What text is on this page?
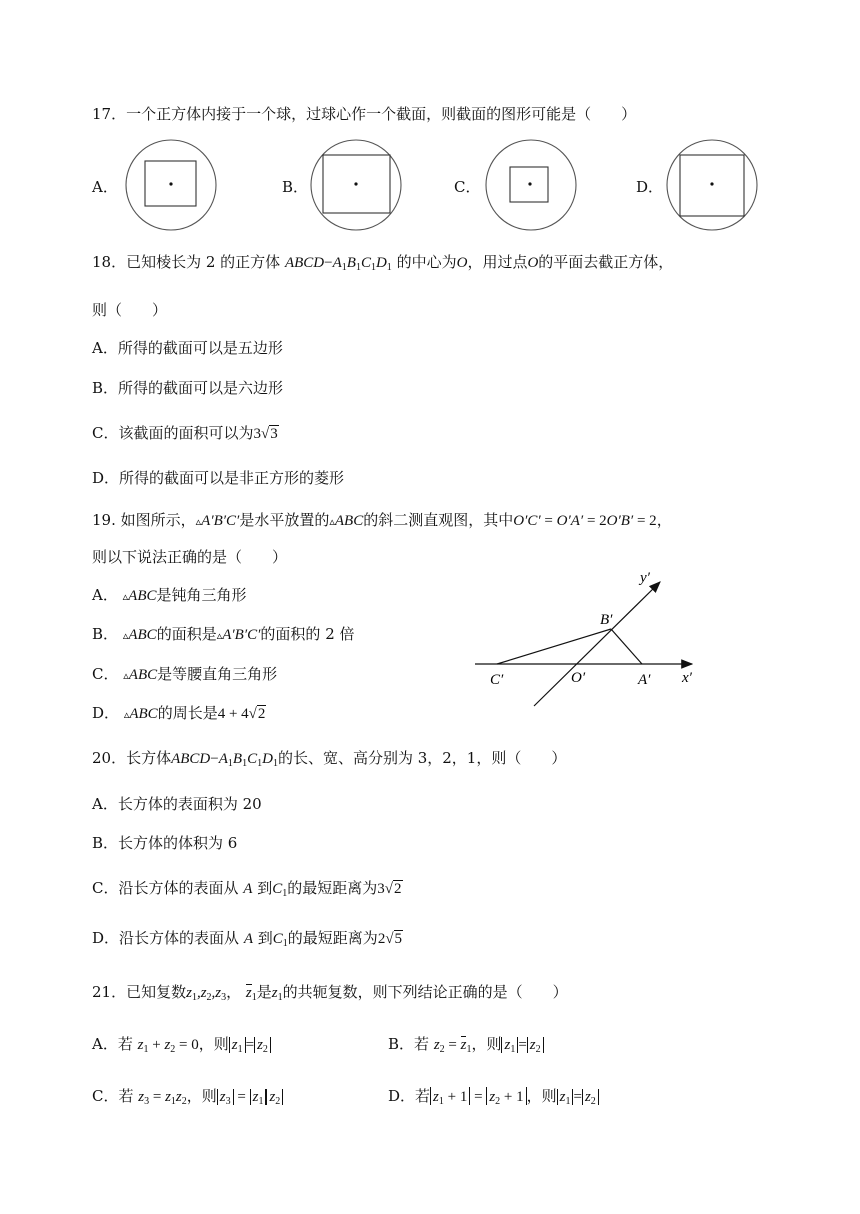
17．一个正方体内接于一个球，过球心作一个截面，则截面的图形可能是（　　）
A．	B．	C．	D．
18．已知棱长为 2 的正方体 $ABCD-A_1B_1C_1D_1$ 的中心为O，用过点O的平面去截正方体，
则（　　）
A．所得的截面可以是五边形
B．所得的截面可以是六边形
C．该截面的面积可以为3√3
D．所得的截面可以是非正方形的菱形
19. 如图所示，▵A′B′C′是水平放置的▵ABC的斜二测直观图，其中O′C′ = O′A′ = 2O′B′ = 2，
则以下说法正确的是（　　）
A． ▵ABC是钝角三角形
B． ▵ABC的面积是▵A′B′C′的面积的 2 倍
C． ▵ABC是等腰直角三角形
D． ▵ABC的周长是4 + 4√2
y′
B′
C′	O′	A′ x′
20．长方体$ABCD-A_1B_1C_1D_1$的长、宽、高分别为 3，2，1，则（　　）
A．长方体的表面积为 20
B．长方体的体积为 6
C．沿长方体的表面从 A 到$C_1$的最短距离为3√2
D．沿长方体的表面从 A 到$C_1$的最短距离为2√5
21．已知复数$z_1,z_2,z_3$， $z_1$是$z_1$的共轭复数，则下列结论正确的是（　　）
A．若 $z_1 + z_2 = 0$，则 $z_1 = z_2$	B．若 $z_2 = z_1$，则 $z_1 = z_2$
C．若 $z_3 = z_1z_2$，则 $z_3 = z_1$ $z_2$	D．若 $z_1 + 1 = z_2 + 1$ ，则 $z_1 = z_2$
